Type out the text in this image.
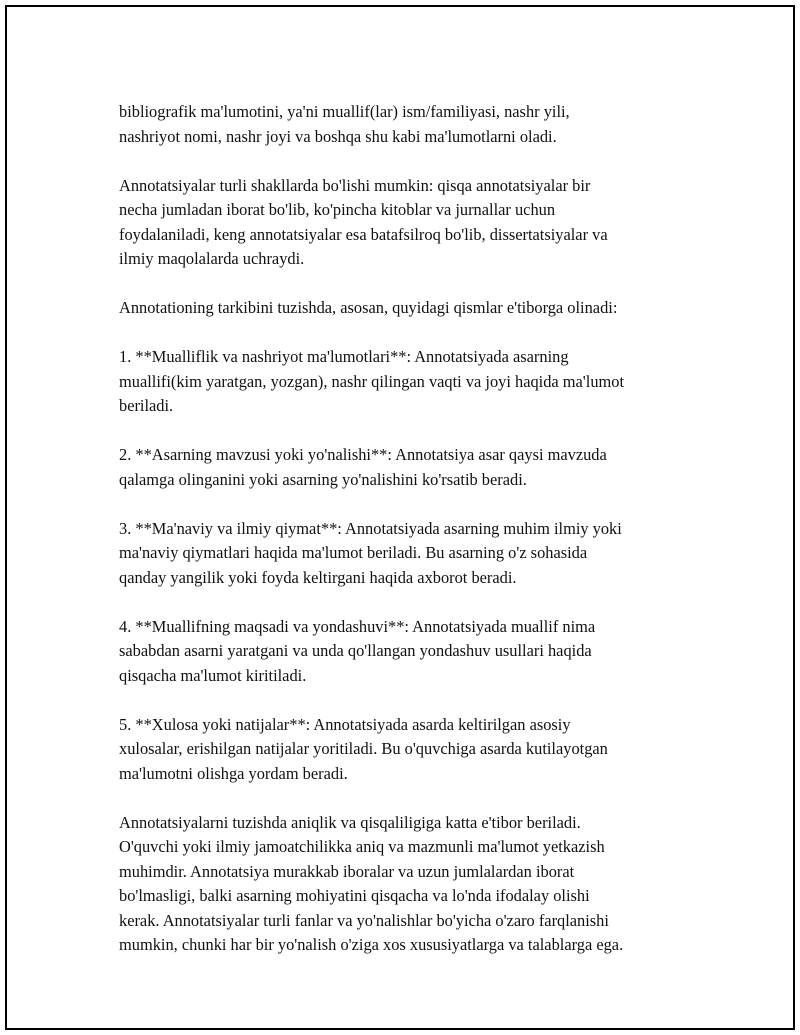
bibliografik ma'lumotini, ya'ni muallif(lar) ism/familiyasi, nashr yili,
nashriyot nomi, nashr joyi va boshqa shu kabi ma'lumotlarni oladi.

Annotatsiyalar turli shakllarda bo'lishi mumkin: qisqa annotatsiyalar bir
necha jumladan iborat bo'lib, ko'pincha kitoblar va jurnallar uchun
foydalaniladi, keng annotatsiyalar esa batafsilroq bo'lib, dissertatsiyalar va
ilmiy maqolalarda uchraydi.

Annotationing tarkibini tuzishda, asosan, quyidagi qismlar e'tiborga olinadi:

1. **Mualliflik va nashriyot ma'lumotlari**: Annotatsiyada asarning
muallifi(kim yaratgan, yozgan), nashr qilingan vaqti va joyi haqida ma'lumot
beriladi.

2. **Asarning mavzusi yoki yo'nalishi**: Annotatsiya asar qaysi mavzuda
qalamga olinganini yoki asarning yo'nalishini ko'rsatib beradi.

3. **Ma'naviy va ilmiy qiymat**: Annotatsiyada asarning muhim ilmiy yoki
ma'naviy qiymatlari haqida ma'lumot beriladi. Bu asarning o'z sohasida
qanday yangilik yoki foyda keltirgani haqida axborot beradi.

4. **Muallifning maqsadi va yondashuvi**: Annotatsiyada muallif nima
sababdan asarni yaratgani va unda qo'llangan yondashuv usullari haqida
qisqacha ma'lumot kiritiladi.

5. **Xulosa yoki natijalar**: Annotatsiyada asarda keltirilgan asosiy
xulosalar, erishilgan natijalar yoritiladi. Bu o'quvchiga asarda kutilayotgan
ma'lumotni olishga yordam beradi.

Annotatsiyalarni tuzishda aniqlik va qisqaliligiga katta e'tibor beriladi.
O'quvchi yoki ilmiy jamoatchilikka aniq va mazmunli ma'lumot yetkazish
muhimdir. Annotatsiya murakkab iboralar va uzun jumlalardan iborat
bo'lmasligi, balki asarning mohiyatini qisqacha va lo'nda ifodalay olishi
kerak. Annotatsiyalar turli fanlar va yo'nalishlar bo'yicha o'zaro farqlanishi
mumkin, chunki har bir yo'nalish o'ziga xos xususiyatlarga va talablarga ega.
